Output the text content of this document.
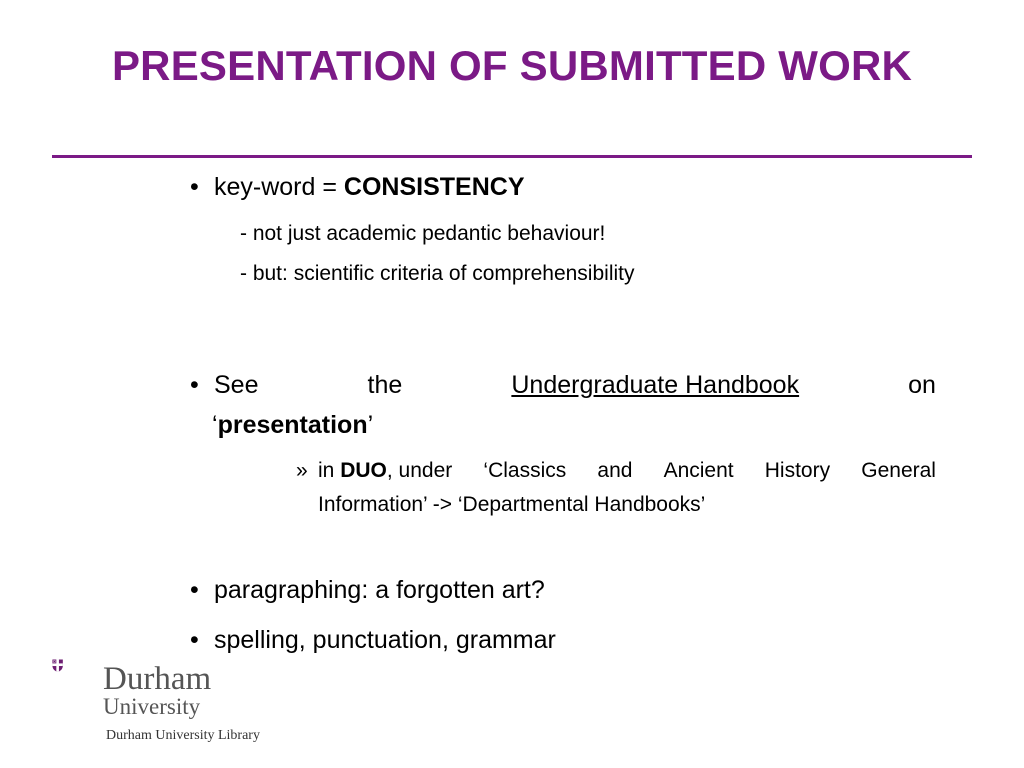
PRESENTATION OF SUBMITTED WORK
• key-word = CONSISTENCY
- not just academic pedantic behaviour!
- but: scientific criteria of comprehensibility
• See	the	Undergraduate Handbook	on
‘presentation’
» in DUO, under ‘Classics and Ancient History General
Information’ -> ‘Departmental Handbooks’
• paragraphing: a forgotten art?
• spelling, punctuation, grammar
Durham
University
Durham University Library
